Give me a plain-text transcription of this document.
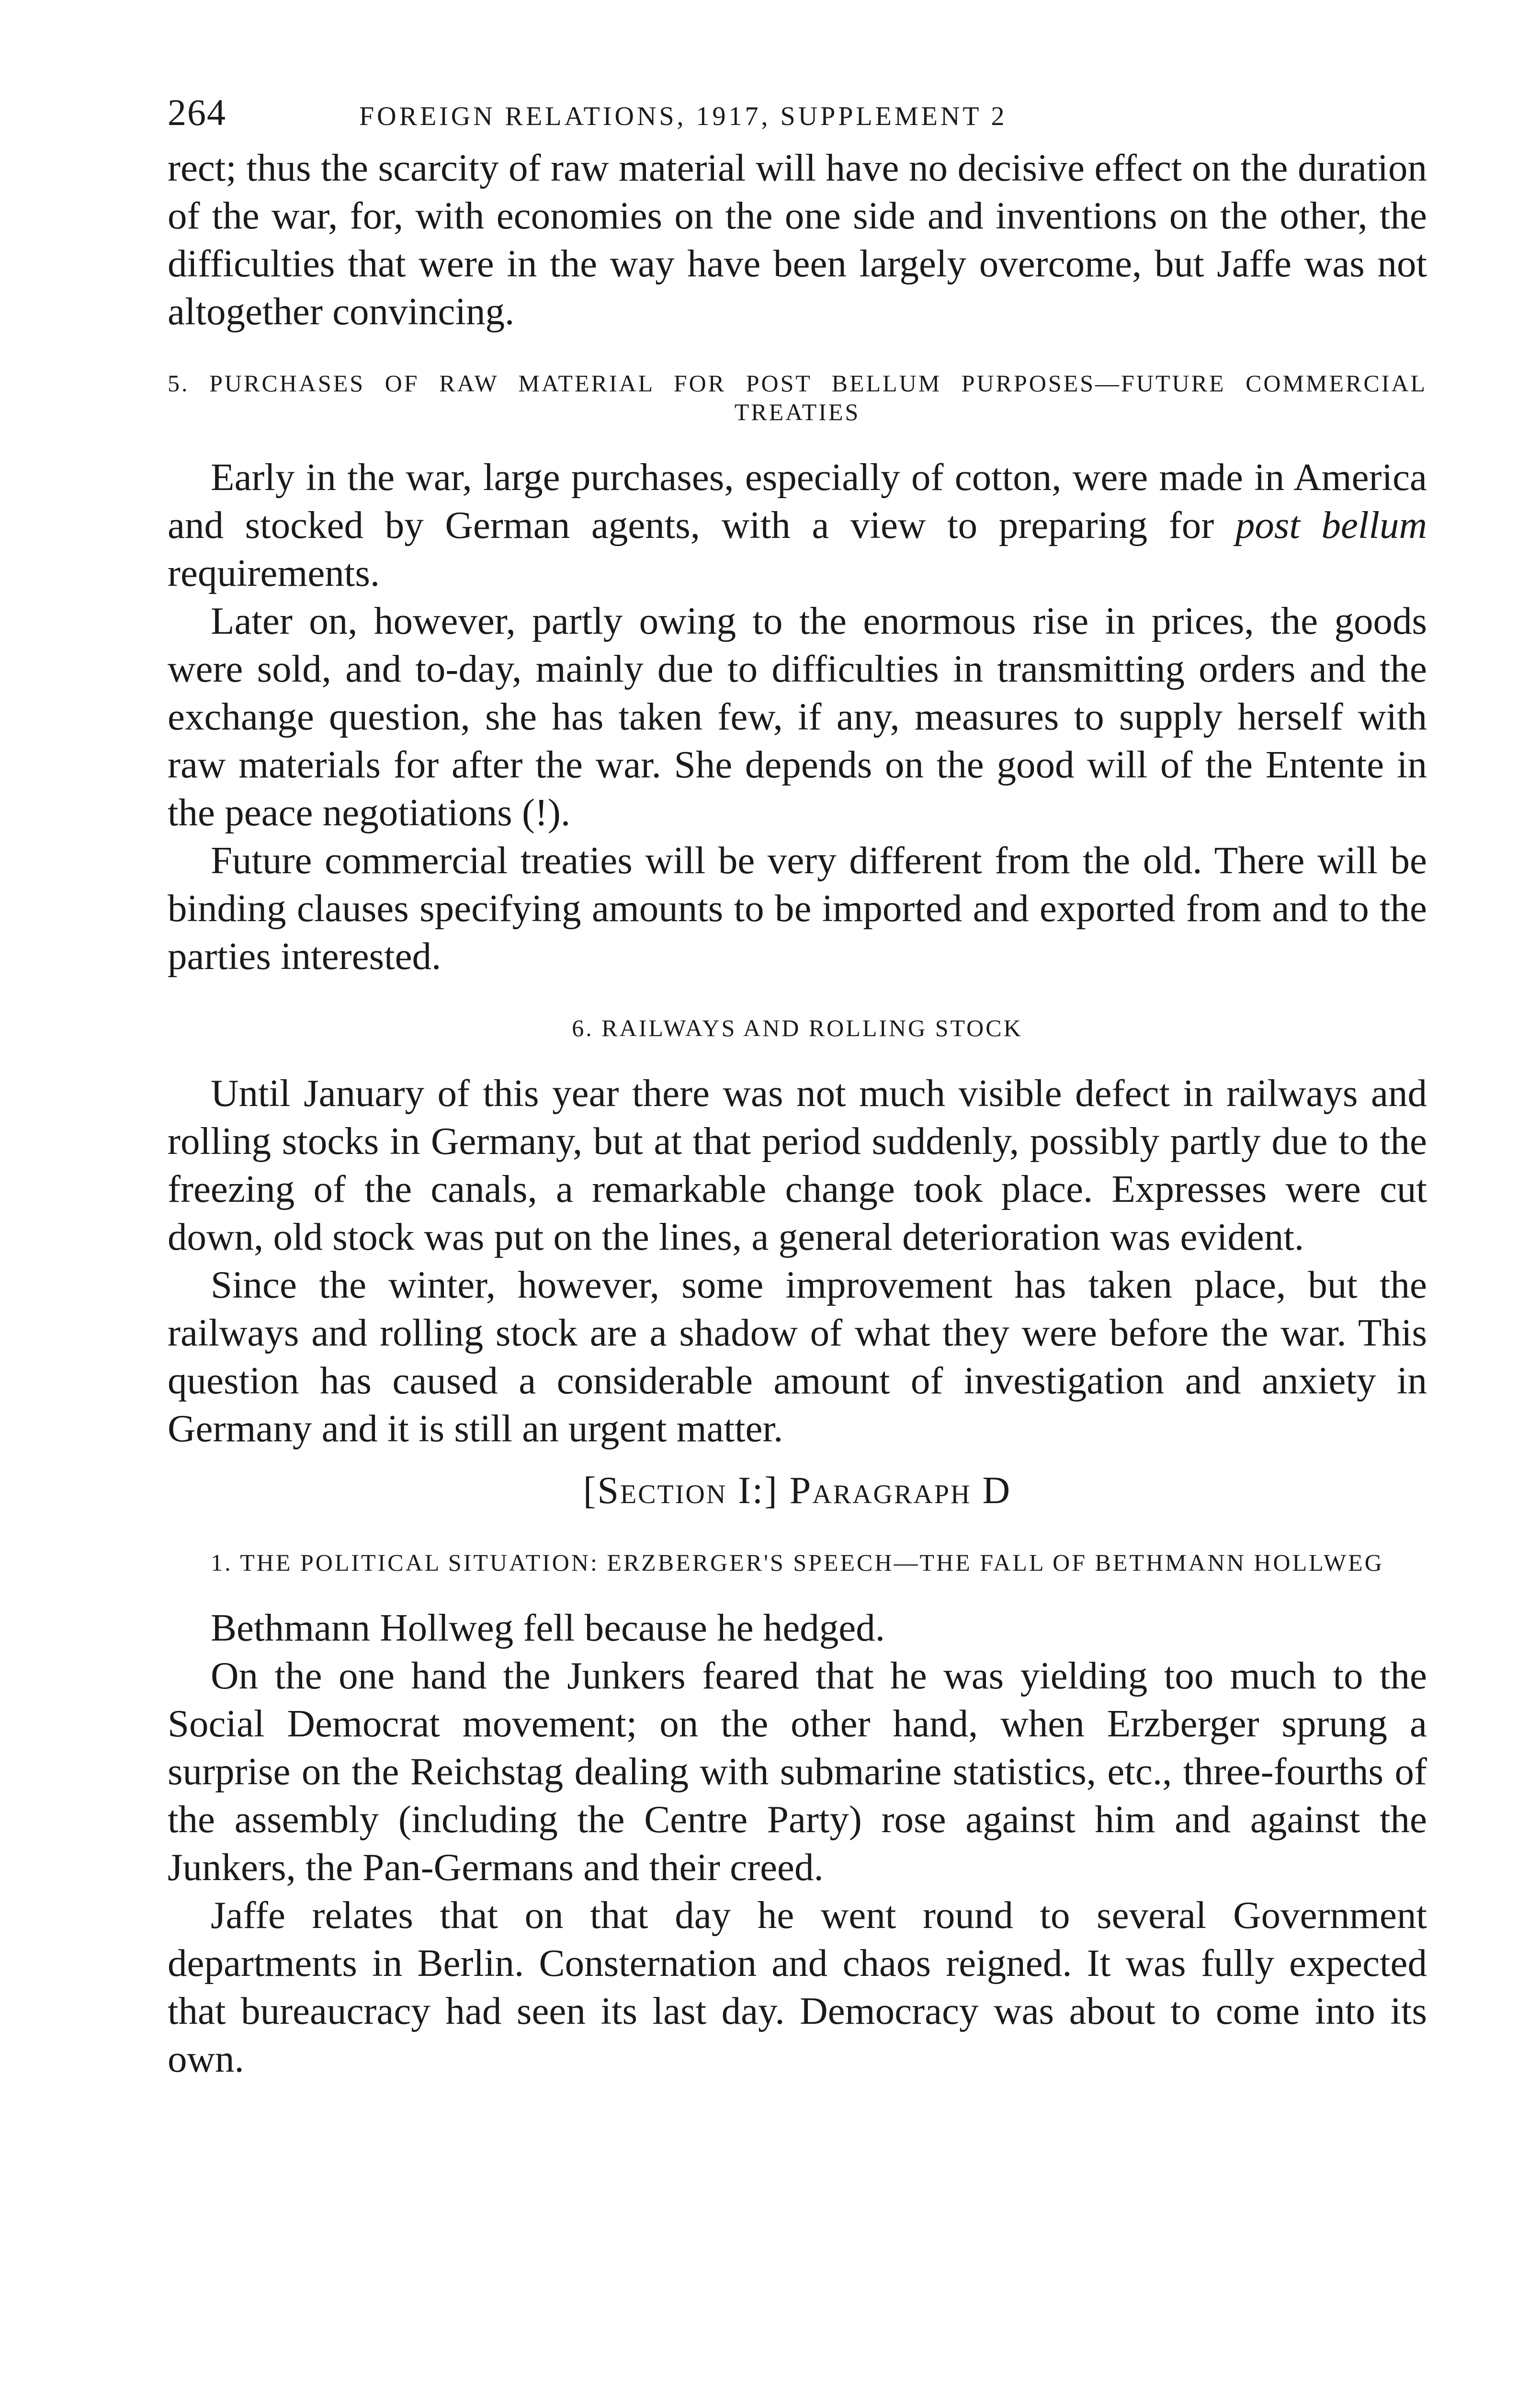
264	FOREIGN RELATIONS, 1917, SUPPLEMENT 2

rect; thus the scarcity of raw material will have no decisive effect on the duration of the war, for, with economies on the one side and inventions on the other, the difficulties that were in the way have been largely overcome, but Jaffe was not altogether convincing.

5. PURCHASES OF RAW MATERIAL FOR POST BELLUM PURPOSES—FUTURE COMMERCIAL TREATIES

Early in the war, large purchases, especially of cotton, were made in America and stocked by German agents, with a view to preparing for post bellum requirements.

Later on, however, partly owing to the enormous rise in prices, the goods were sold, and to-day, mainly due to difficulties in transmitting orders and the exchange question, she has taken few, if any, measures to supply herself with raw materials for after the war. She depends on the good will of the Entente in the peace negotiations (!).

Future commercial treaties will be very different from the old. There will be binding clauses specifying amounts to be imported and exported from and to the parties interested.

6. RAILWAYS AND ROLLING STOCK

Until January of this year there was not much visible defect in railways and rolling stocks in Germany, but at that period suddenly, possibly partly due to the freezing of the canals, a remarkable change took place. Expresses were cut down, old stock was put on the lines, a general deterioration was evident.

Since the winter, however, some improvement has taken place, but the railways and rolling stock are a shadow of what they were before the war. This question has caused a considerable amount of investigation and anxiety in Germany and it is still an urgent matter.

[Section I:] Paragraph D
1. THE POLITICAL SITUATION: ERZBERGER'S SPEECH—THE FALL OF BETHMANN HOLLWEG

Bethmann Hollweg fell because he hedged.

On the one hand the Junkers feared that he was yielding too much to the Social Democrat movement; on the other hand, when Erzberger sprung a surprise on the Reichstag dealing with submarine statistics, etc., three-fourths of the assembly (including the Centre Party) rose against him and against the Junkers, the Pan-Germans and their creed.

Jaffe relates that on that day he went round to several Government departments in Berlin. Consternation and chaos reigned. It was fully expected that bureaucracy had seen its last day. Democracy was about to come into its own.
